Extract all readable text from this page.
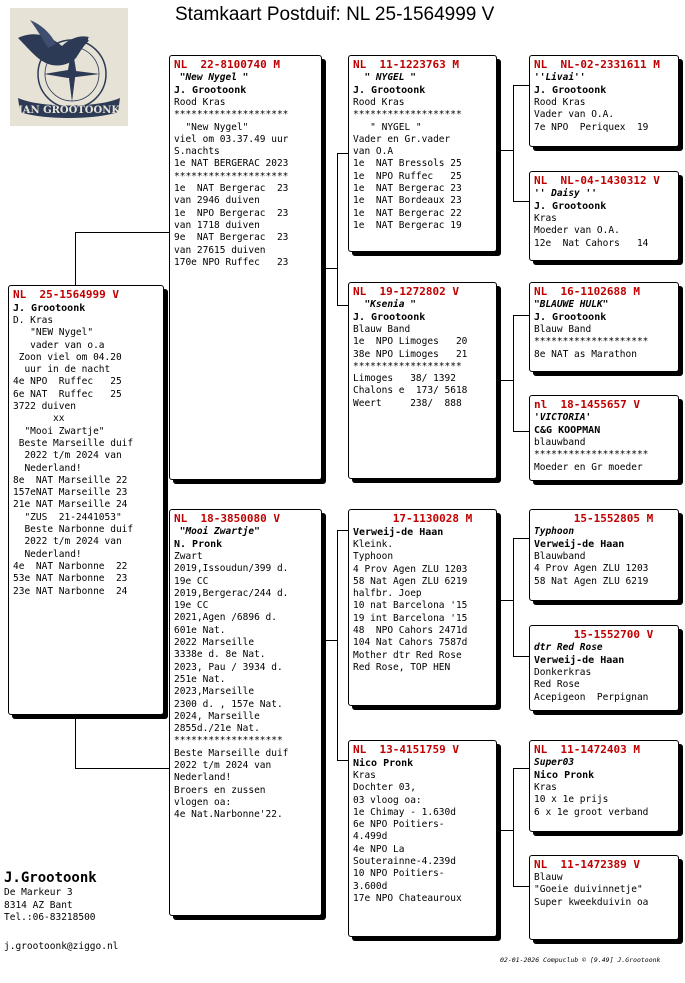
Stamkaart Postduif: NL 25-1564999 V
JAN GROOTOONK
NL  25-1564999 V
J. Grootoonk
D. Kras
"NEW Nygel"
vader van o.a
Zoon viel om 04.20
uur in de nacht
4e NPO  Ruffec   25
6e NAT  Ruffec   25
3722 duiven
xx
"Mooi Zwartje"
Beste Marseille duif
2022 t/m 2024 van
Nederland!
8e  NAT Marseille 22
157eNAT Marseille 23
21e NAT Marseille 24
"ZUS  21-2441053"
Beste Narbonne duif
2022 t/m 2024 van
Nederland!
4e  NAT Narbonne  22
53e NAT Narbonne  23
23e NAT Narbonne  24
NL  22-8100740 M
"New Nygel "
J. Grootoonk
Rood Kras
********************
"New Nygel"
viel om 03.37.49 uur
S.nachts
1e NAT BERGERAC 2023
********************
1e  NAT Bergerac  23
van 2946 duiven
1e  NPO Bergerac  23
van 1718 duiven
9e  NAT Bergerac  23
van 27615 duiven
170e NPO Ruffec   23
NL  18-3850080 V
"Mooi Zwartje"
N. Pronk
Zwart
2019,Issoudun/399 d.
19e CC
2019,Bergerac/244 d.
19e CC
2021,Agen /6896 d.
601e Nat.
2022 Marseille
3338e d. 8e Nat.
2023, Pau / 3934 d.
251e Nat.
2023,Marseille
2300 d. , 157e Nat.
2024, Marseille
2855d./21e Nat.
*******************
Beste Marseille duif
2022 t/m 2024 van
Nederland!
Broers en zussen
vlogen oa:
4e Nat.Narbonne'22.
NL  11-1223763 M
" NYGEL "
J. Grootoonk
Rood Kras
*******************
" NYGEL "
Vader en Gr.vader
van O.A
1e  NAT Bressols 25
1e  NPO Ruffec   25
1e  NAT Bergerac 23
1e  NAT Bordeaux 23
1e  NAT Bergerac 22
1e  NAT Bergerac 19
NL  19-1272802 V
"Ksenia "
J. Grootoonk
Blauw Band
1e  NPO Limoges   20
38e NPO Limoges   21
*******************
Limoges   38/ 1392
Chalons e  173/ 5618
Weert     238/  888
17-1130028 M
Verweij-de Haan
Kleink.
Typhoon
4 Prov Agen ZLU 1203
58 Nat Agen ZLU 6219
halfbr. Joep
10 nat Barcelona '15
19 int Barcelona '15
48  NPO Cahors 2471d
104 Nat Cahors 7587d
Mother dtr Red Rose
Red Rose, TOP HEN
NL  13-4151759 V
Nico Pronk
Kras
Dochter 03,
03 vloog oa:
1e Chimay - 1.630d
6e NPO Poitiers-
4.499d
4e NPO La
Souterainne-4.239d
10 NPO Poitiers-
3.600d
17e NPO Chateauroux
NL  NL-02-2331611 M
''Livai''
J. Grootoonk
Rood Kras
Vader van O.A.
7e NPO  Periquex  19
NL  NL-04-1430312 V
'' Daisy ''
J. Grootoonk
Kras
Moeder van O.A.
12e  Nat Cahors   14
NL  16-1102688 M
"BLAUWE HULK"
J. Grootoonk
Blauw Band
********************
8e NAT as Marathon
nl  18-1455657 V
'VICTORIA'
C&G KOOPMAN
blauwband
********************
Moeder en Gr moeder
15-1552805 M
Typhoon
Verweij-de Haan
Blauwband
4 Prov Agen ZLU 1203
58 Nat Agen ZLU 6219
15-1552700 V
dtr Red Rose
Verweij-de Haan
Donkerkras
Red Rose
Acepigeon  Perpignan
NL  11-1472403 M
Super03
Nico Pronk
Kras
10 x 1e prijs
6 x 1e groot verband
NL  11-1472389 V
Blauw
"Goeie duivinnetje"
Super kweekduivin oa
J.Grootoonk
De Markeur 3
8314 AZ Bant
Tel.:06-83218500
j.grootoonk@ziggo.nl
02-01-2026 Compuclub © [9.49] J.Grootoonk
